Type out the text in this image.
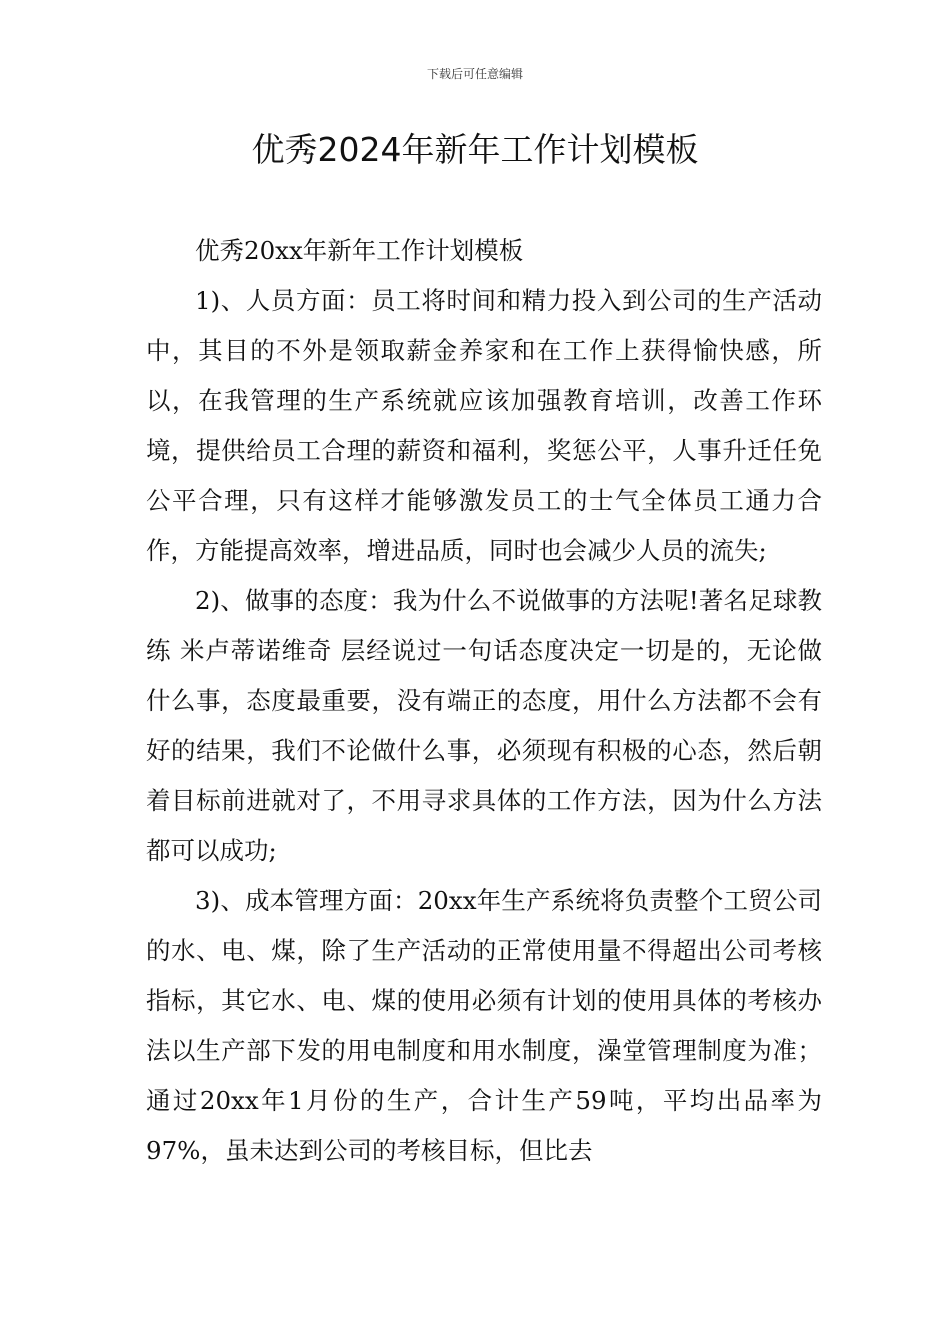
下载后可任意编辑
优秀2024年新年工作计划模板

优秀20xx年新年工作计划模板

1)、人员方面：员工将时间和精力投入到公司的生产活动中，其目的不外是领取薪金养家和在工作上获得愉快感，所以，在我管理的生产系统就应该加强教育培训，改善工作环境，提供给员工合理的薪资和福利，奖惩公平，人事升迁任免公平合理，只有这样才能够激发员工的士气全体员工通力合作，方能提高效率，增进品质，同时也会减少人员的流失;

2)、做事的态度：我为什么不说做事的方法呢!著名足球教练 米卢蒂诺维奇 层经说过一句话态度决定一切是的，无论做什么事，态度最重要，没有端正的态度，用什么方法都不会有好的结果，我们不论做什么事，必须现有积极的心态，然后朝着目标前进就对了，不用寻求具体的工作方法，因为什么方法都可以成功;

3)、成本管理方面：20xx年生产系统将负责整个工贸公司的水、电、煤，除了生产活动的正常使用量不得超出公司考核指标，其它水、电、煤的使用必须有计划的使用具体的考核办法以生产部下发的用电制度和用水制度，澡堂管理制度为准；通过20xx年1月份的生产，合计生产59吨，平均出品率为97%，虽未达到公司的考核目标，但比去
